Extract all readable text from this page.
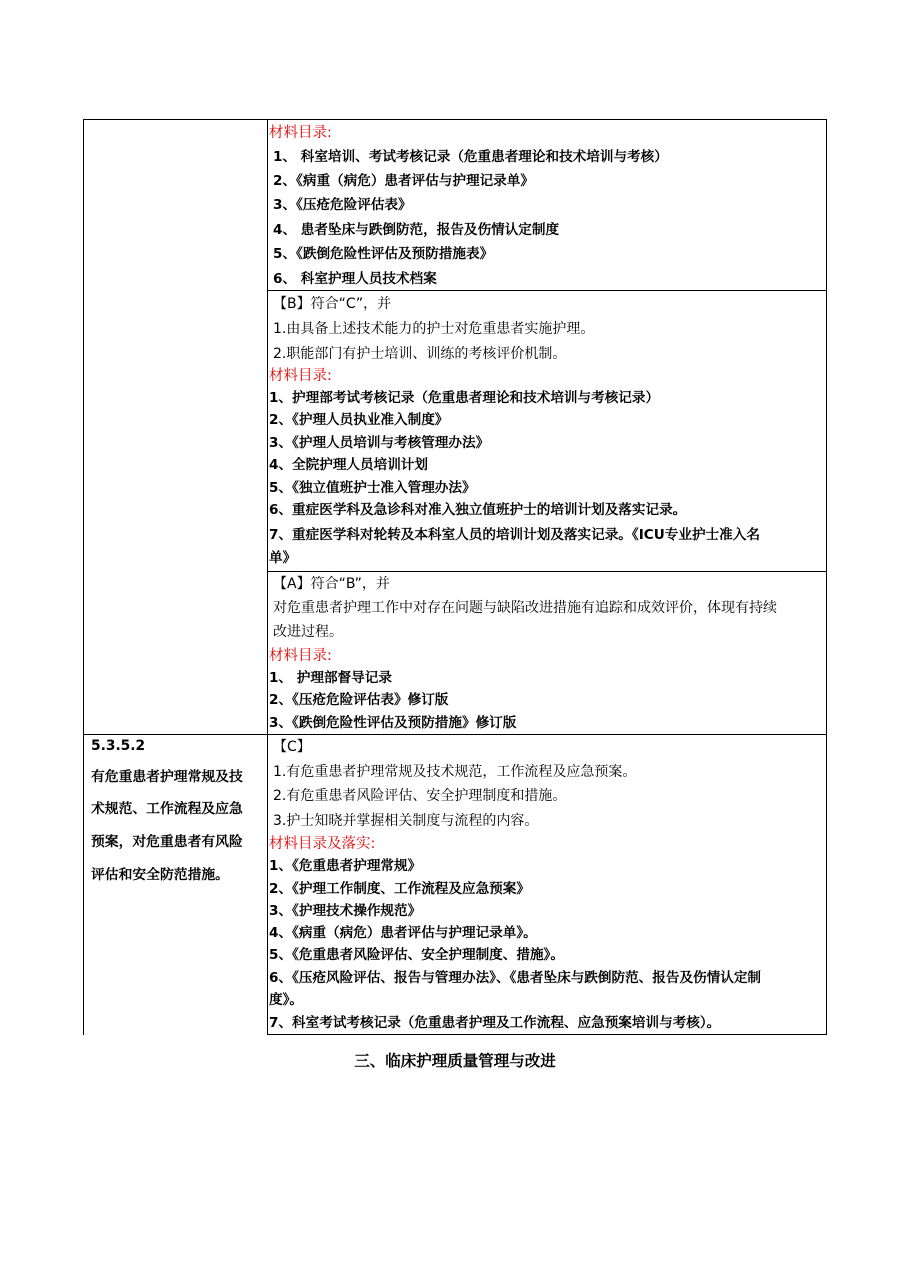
材料目录:
1、 科室培训、考试考核记录（危重患者理论和技术培训与考核）
2、《病重（病危）患者评估与护理记录单》
3、《压疮危险评估表》
4、 患者坠床与跌倒防范，报告及伤情认定制度
5、《跌倒危险性评估及预防措施表》
6、 科室护理人员技术档案
【B】符合“C”，并
1.由具备上述技术能力的护士对危重患者实施护理。
2.职能部门有护士培训、训练的考核评价机制。
材料目录:
1、护理部考试考核记录（危重患者理论和技术培训与考核记录）
2、《护理人员执业准入制度》
3、《护理人员培训与考核管理办法》
4、全院护理人员培训计划
5、《独立值班护士准入管理办法》
6、重症医学科及急诊科对准入独立值班护士的培训计划及落实记录。
7、重症医学科对轮转及本科室人员的培训计划及落实记录。《ICU专业护士准入名
单》
【A】符合“B”，并
对危重患者护理工作中对存在问题与缺陷改进措施有追踪和成效评价，体现有持续
改进过程。
材料目录:
1、 护理部督导记录
2、《压疮危险评估表》修订版
3、《跌倒危险性评估及预防措施》修订版
5.3.5.2
有危重患者护理常规及技
术规范、工作流程及应急
预案，对危重患者有风险
评估和安全防范措施。
【C】
1.有危重患者护理常规及技术规范，工作流程及应急预案。
2.有危重患者风险评估、安全护理制度和措施。
3.护士知晓并掌握相关制度与流程的内容。
材料目录及落实:
1、《危重患者护理常规》
2、《护理工作制度、工作流程及应急预案》
3、《护理技术操作规范》
4、《病重（病危）患者评估与护理记录单》。
5、《危重患者风险评估、安全护理制度、措施》。
6、《压疮风险评估、报告与管理办法》、《患者坠床与跌倒防范、报告及伤情认定制
度》。
7、科室考试考核记录（危重患者护理及工作流程、应急预案培训与考核）。
三、临床护理质量管理与改进
